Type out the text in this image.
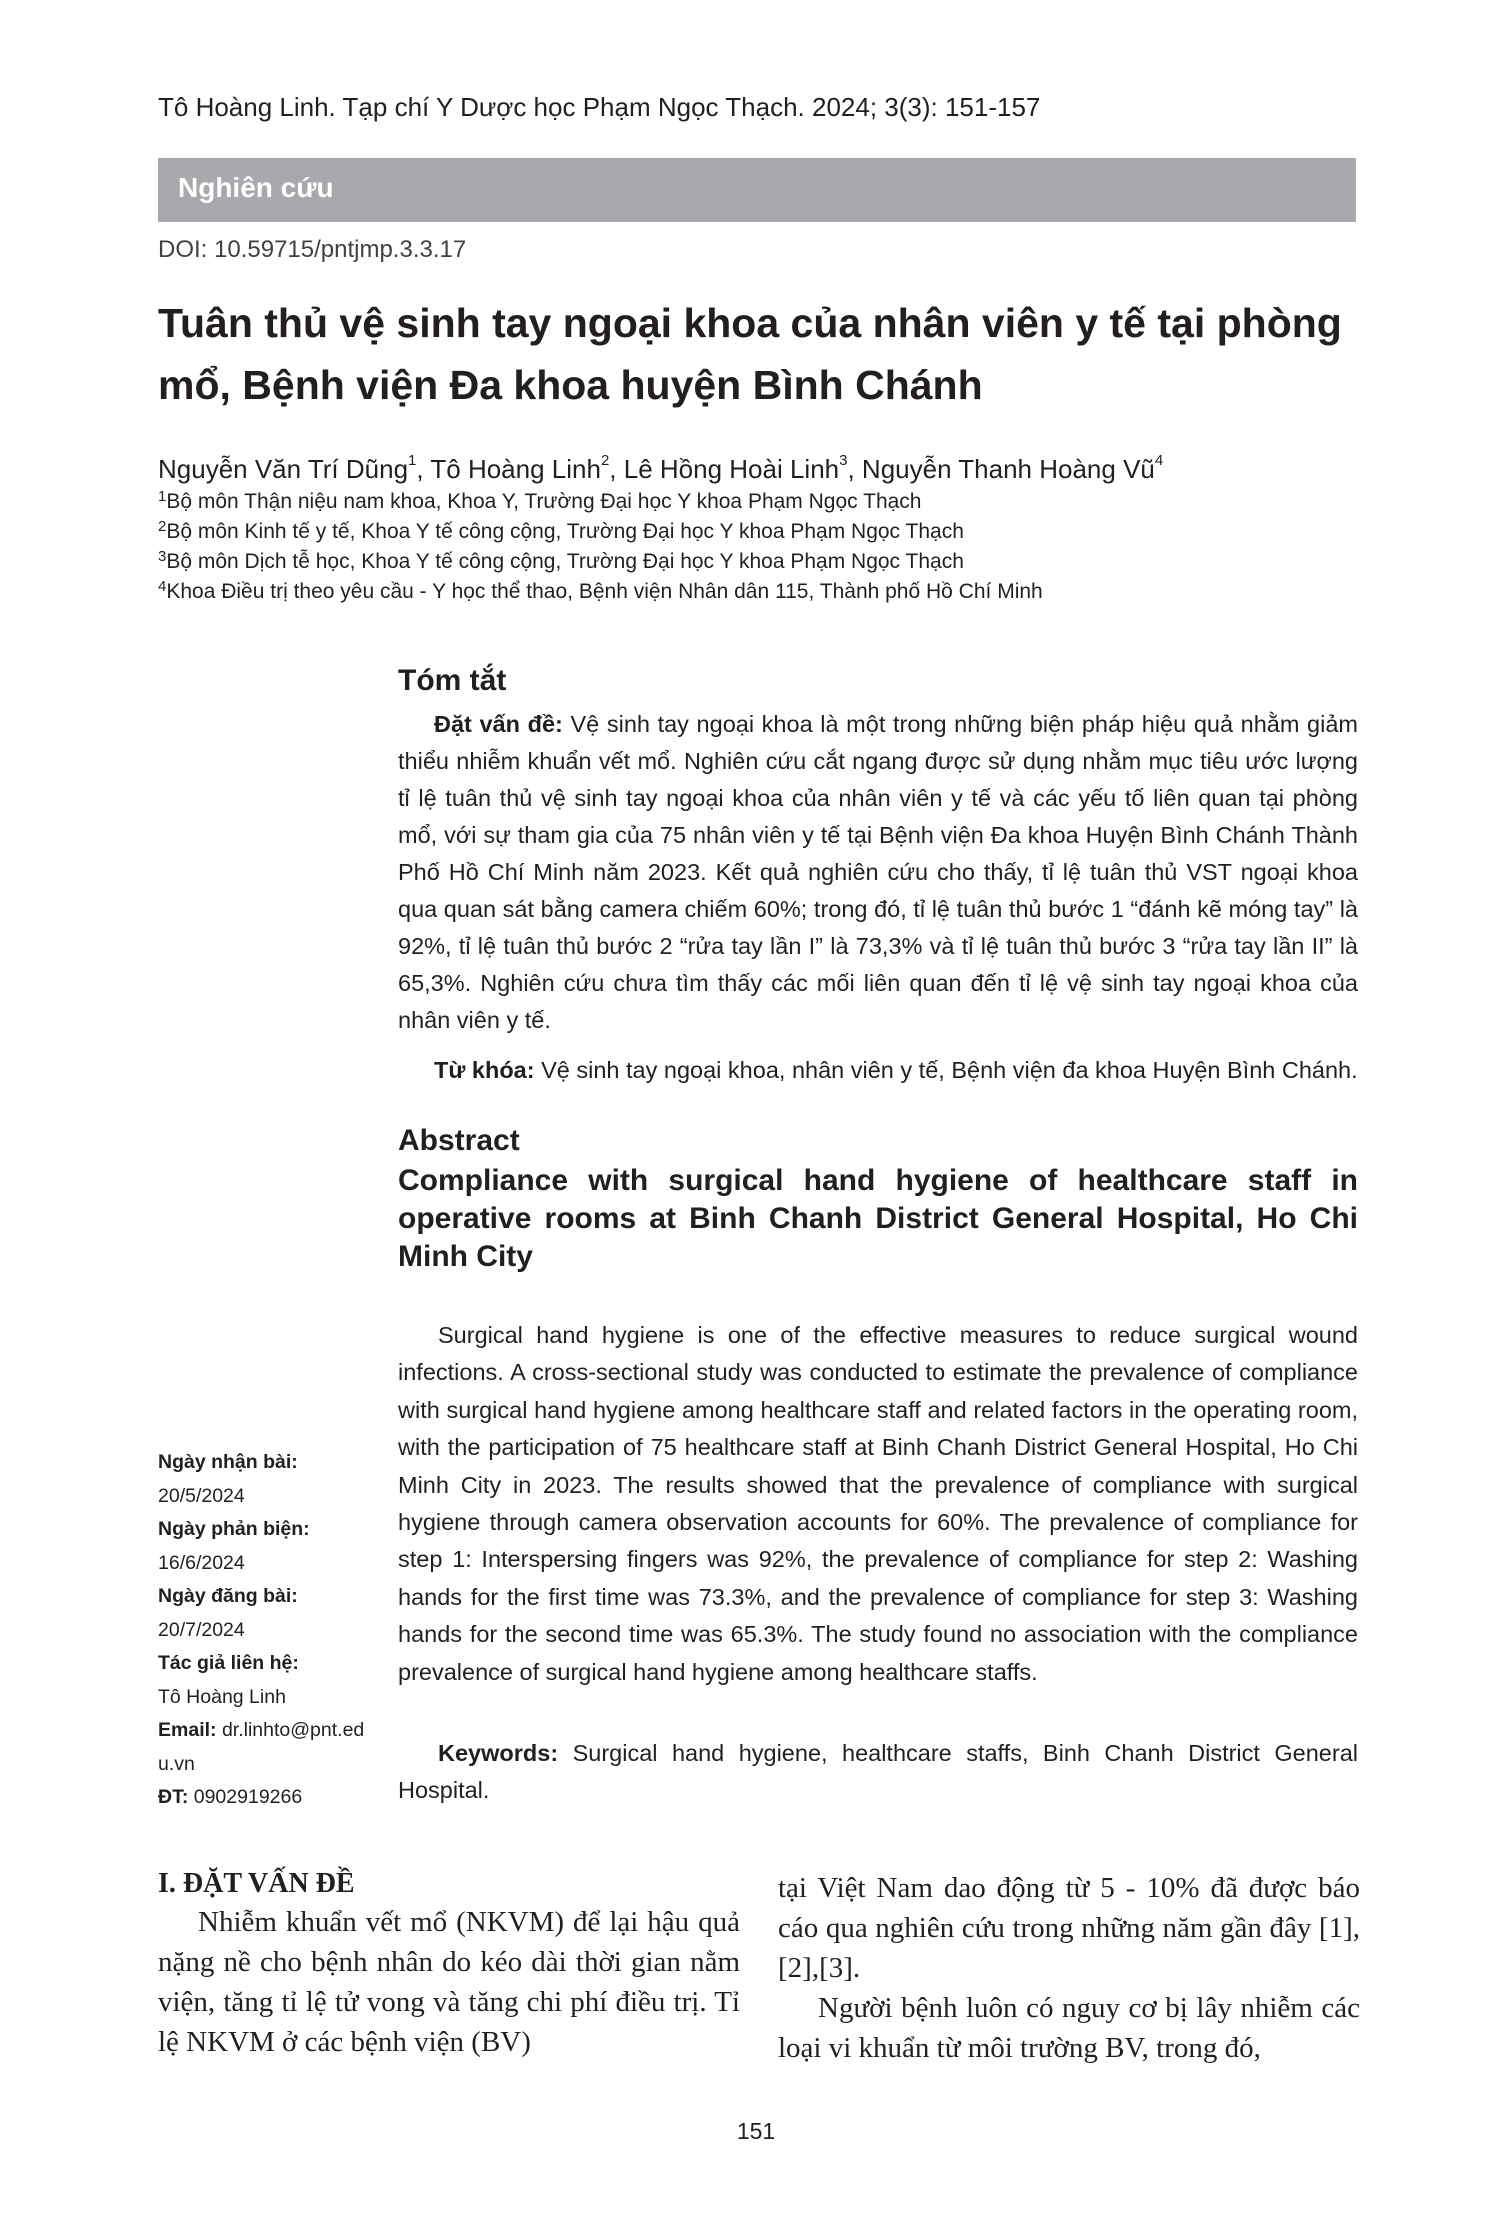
Tô Hoàng Linh. Tạp chí Y Dược học Phạm Ngọc Thạch. 2024; 3(3): 151-157
Nghiên cứu
DOI: 10.59715/pntjmp.3.3.17
Tuân thủ vệ sinh tay ngoại khoa của nhân viên y tế tại phòng mổ, Bệnh viện Đa khoa huyện Bình Chánh
Nguyễn Văn Trí Dũng$^1$, Tô Hoàng Linh$^2$, Lê Hồng Hoài Linh$^3$, Nguyễn Thanh Hoàng $Vũ^4$
$^1$Bộ môn Thận niệu nam khoa, Khoa Y, Trường Đại học Y khoa Phạm Ngọc Thạch
$^2$Bộ môn Kinh tế y tế, Khoa Y tế công cộng, Trường Đại học Y khoa Phạm Ngọc Thạch
$^3$Bộ môn Dịch tễ học, Khoa Y tế công cộng, Trường Đại học Y khoa Phạm Ngọc Thạch
$^4$Khoa Điều trị theo yêu cầu - Y học thể thao, Bệnh viện Nhân dân 115, Thành phố Hồ Chí Minh
Tóm tắt
Đặt vấn đề: Vệ sinh tay ngoại khoa là một trong những biện pháp hiệu quả nhằm giảm thiểu nhiễm khuẩn vết mổ. Nghiên cứu cắt ngang được sử dụng nhằm mục tiêu ước lượng tỉ lệ tuân thủ vệ sinh tay ngoại khoa của nhân viên y tế và các yếu tố liên quan tại phòng mổ, với sự tham gia của 75 nhân viên y tế tại Bệnh viện Đa khoa Huyện Bình Chánh Thành Phố Hồ Chí Minh năm 2023. Kết quả nghiên cứu cho thấy, tỉ lệ tuân thủ VST ngoại khoa qua quan sát bằng camera chiếm 60%; trong đó, tỉ lệ tuân thủ bước 1 “đánh kẽ móng tay” là 92%, tỉ lệ tuân thủ bước 2 “rửa tay lần I” là 73,3% và tỉ lệ tuân thủ bước 3 “rửa tay lần II” là 65,3%. Nghiên cứu chưa tìm thấy các mối liên quan đến tỉ lệ vệ sinh tay ngoại khoa của nhân viên y tế.
Từ khóa: Vệ sinh tay ngoại khoa, nhân viên y tế, Bệnh viện đa khoa Huyện Bình Chánh.
Abstract
Compliance with surgical hand hygiene of healthcare staff in operative rooms at Binh Chanh District General Hospital, Ho Chi Minh City
Surgical hand hygiene is one of the effective measures to reduce surgical wound infections. A cross-sectional study was conducted to estimate the prevalence of compliance with surgical hand hygiene among healthcare staff and related factors in the operating room, with the participation of 75 healthcare staff at Binh Chanh District General Hospital, Ho Chi Minh City in 2023. The results showed that the prevalence of compliance with surgical hygiene through camera observation accounts for 60%. The prevalence of compliance for step 1: Interspersing fingers was 92%, the prevalence of compliance for step 2: Washing hands for the first time was 73.3%, and the prevalence of compliance for step 3: Washing hands for the second time was 65.3%. The study found no association with the compliance prevalence of surgical hand hygiene among healthcare staffs.
Keywords: Surgical hand hygiene, healthcare staffs, Binh Chanh District General Hospital.
Ngày nhận bài:
20/5/2024
Ngày phản biện:
16/6/2024
Ngày đăng bài:
20/7/2024
Tác giả liên hệ:
Tô Hoàng Linh
Email: dr.linhto@pnt.edu.vn
ĐT: 0902919266
I. ĐẶT VẤN ĐỀ
Nhiễm khuẩn vết mổ (NKVM) để lại hậu quả nặng nề cho bệnh nhân do kéo dài thời gian nằm viện, tăng tỉ lệ tử vong và tăng chi phí điều trị. Tỉ lệ NKVM ở các bệnh viện (BV)

tại Việt Nam dao động từ 5 - 10% đã được báo cáo qua nghiên cứu trong những năm gần đây [1],[2],[3].

Người bệnh luôn có nguy cơ bị lây nhiễm các loại vi khuẩn từ môi trường BV, trong đó,

151
